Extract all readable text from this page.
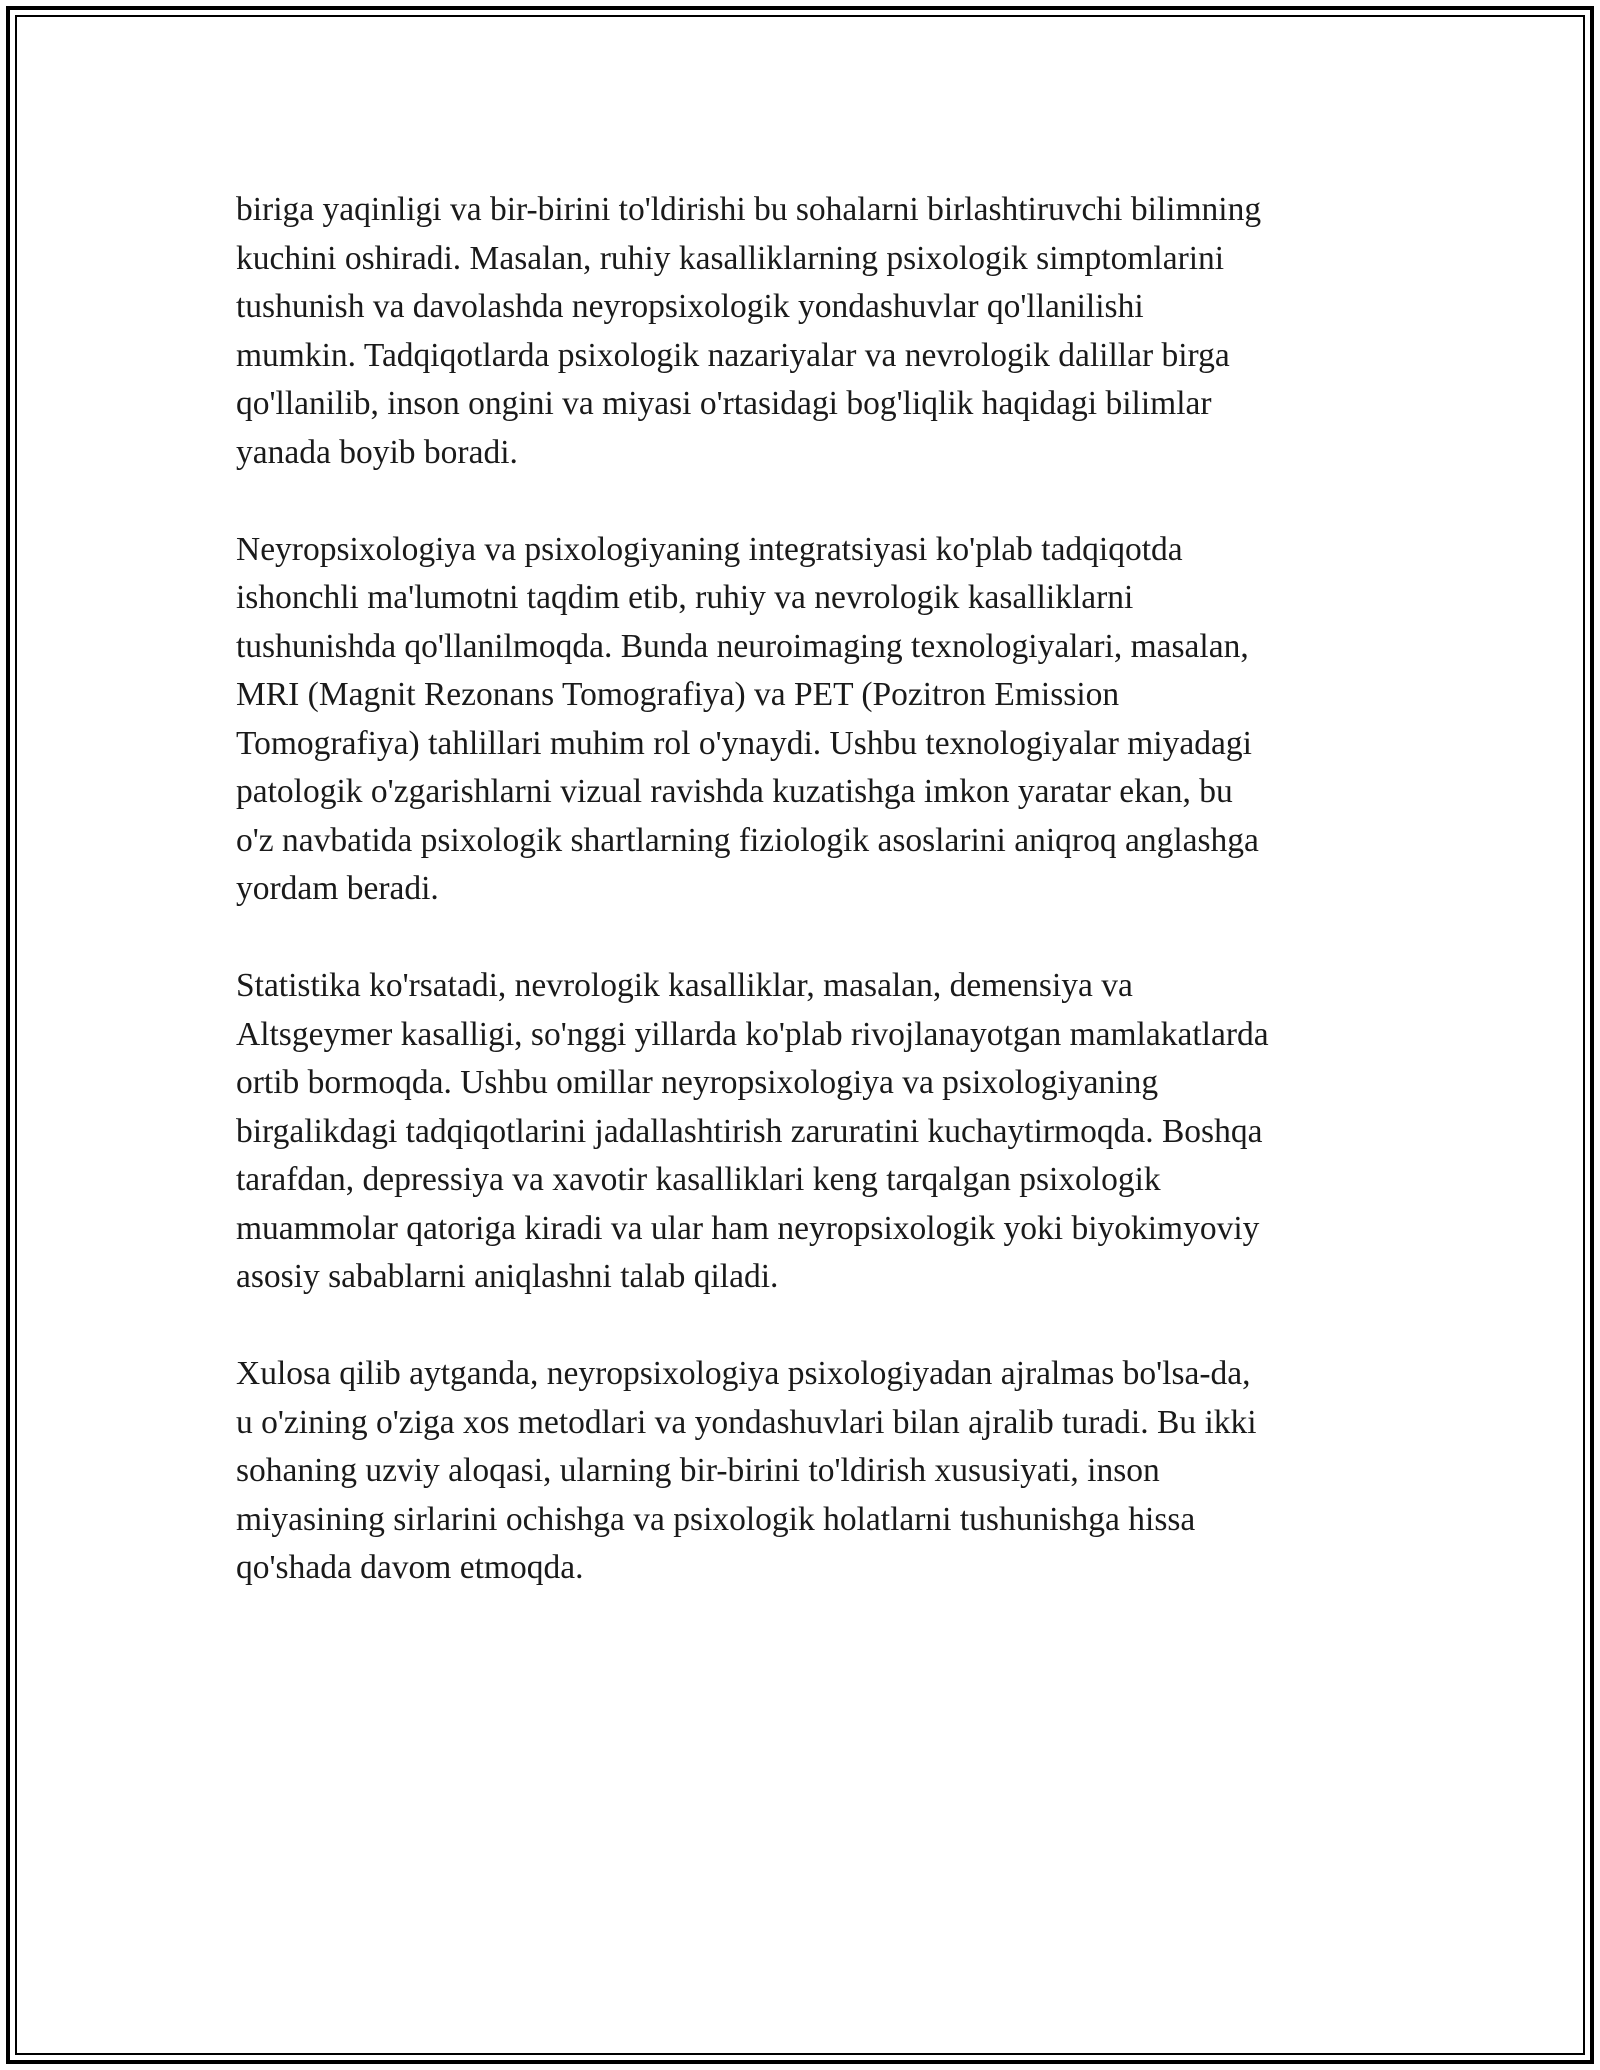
biriga yaqinligi va bir-birini to'ldirishi bu sohalarni birlashtiruvchi bilimning
kuchini oshiradi. Masalan, ruhiy kasalliklarning psixologik simptomlarini
tushunish va davolashda neyropsixologik yondashuvlar qo'llanilishi
mumkin. Tadqiqotlarda psixologik nazariyalar va nevrologik dalillar birga
qo'llanilib, inson ongini va miyasi o'rtasidagi bog'liqlik haqidagi bilimlar
yanada boyib boradi.

Neyropsixologiya va psixologiyaning integratsiyasi ko'plab tadqiqotda
ishonchli ma'lumotni taqdim etib, ruhiy va nevrologik kasalliklarni
tushunishda qo'llanilmoqda. Bunda neuroimaging texnologiyalari, masalan,
MRI (Magnit Rezonans Tomografiya) va PET (Pozitron Emission
Tomografiya) tahlillari muhim rol o'ynaydi. Ushbu texnologiyalar miyadagi
patologik o'zgarishlarni vizual ravishda kuzatishga imkon yaratar ekan, bu
o'z navbatida psixologik shartlarning fiziologik asoslarini aniqroq anglashga
yordam beradi.

Statistika ko'rsatadi, nevrologik kasalliklar, masalan, demensiya va
Altsgeymer kasalligi, so'nggi yillarda ko'plab rivojlanayotgan mamlakatlarda
ortib bormoqda. Ushbu omillar neyropsixologiya va psixologiyaning
birgalikdagi tadqiqotlarini jadallashtirish zaruratini kuchaytirmoqda. Boshqa
tarafdan, depressiya va xavotir kasalliklari keng tarqalgan psixologik
muammolar qatoriga kiradi va ular ham neyropsixologik yoki biyokimyoviy
asosiy sabablarni aniqlashni talab qiladi.

Xulosa qilib aytganda, neyropsixologiya psixologiyadan ajralmas bo'lsa-da,
u o'zining o'ziga xos metodlari va yondashuvlari bilan ajralib turadi. Bu ikki
sohaning uzviy aloqasi, ularning bir-birini to'ldirish xususiyati, inson
miyasining sirlarini ochishga va psixologik holatlarni tushunishga hissa
qo'shada davom etmoqda.
